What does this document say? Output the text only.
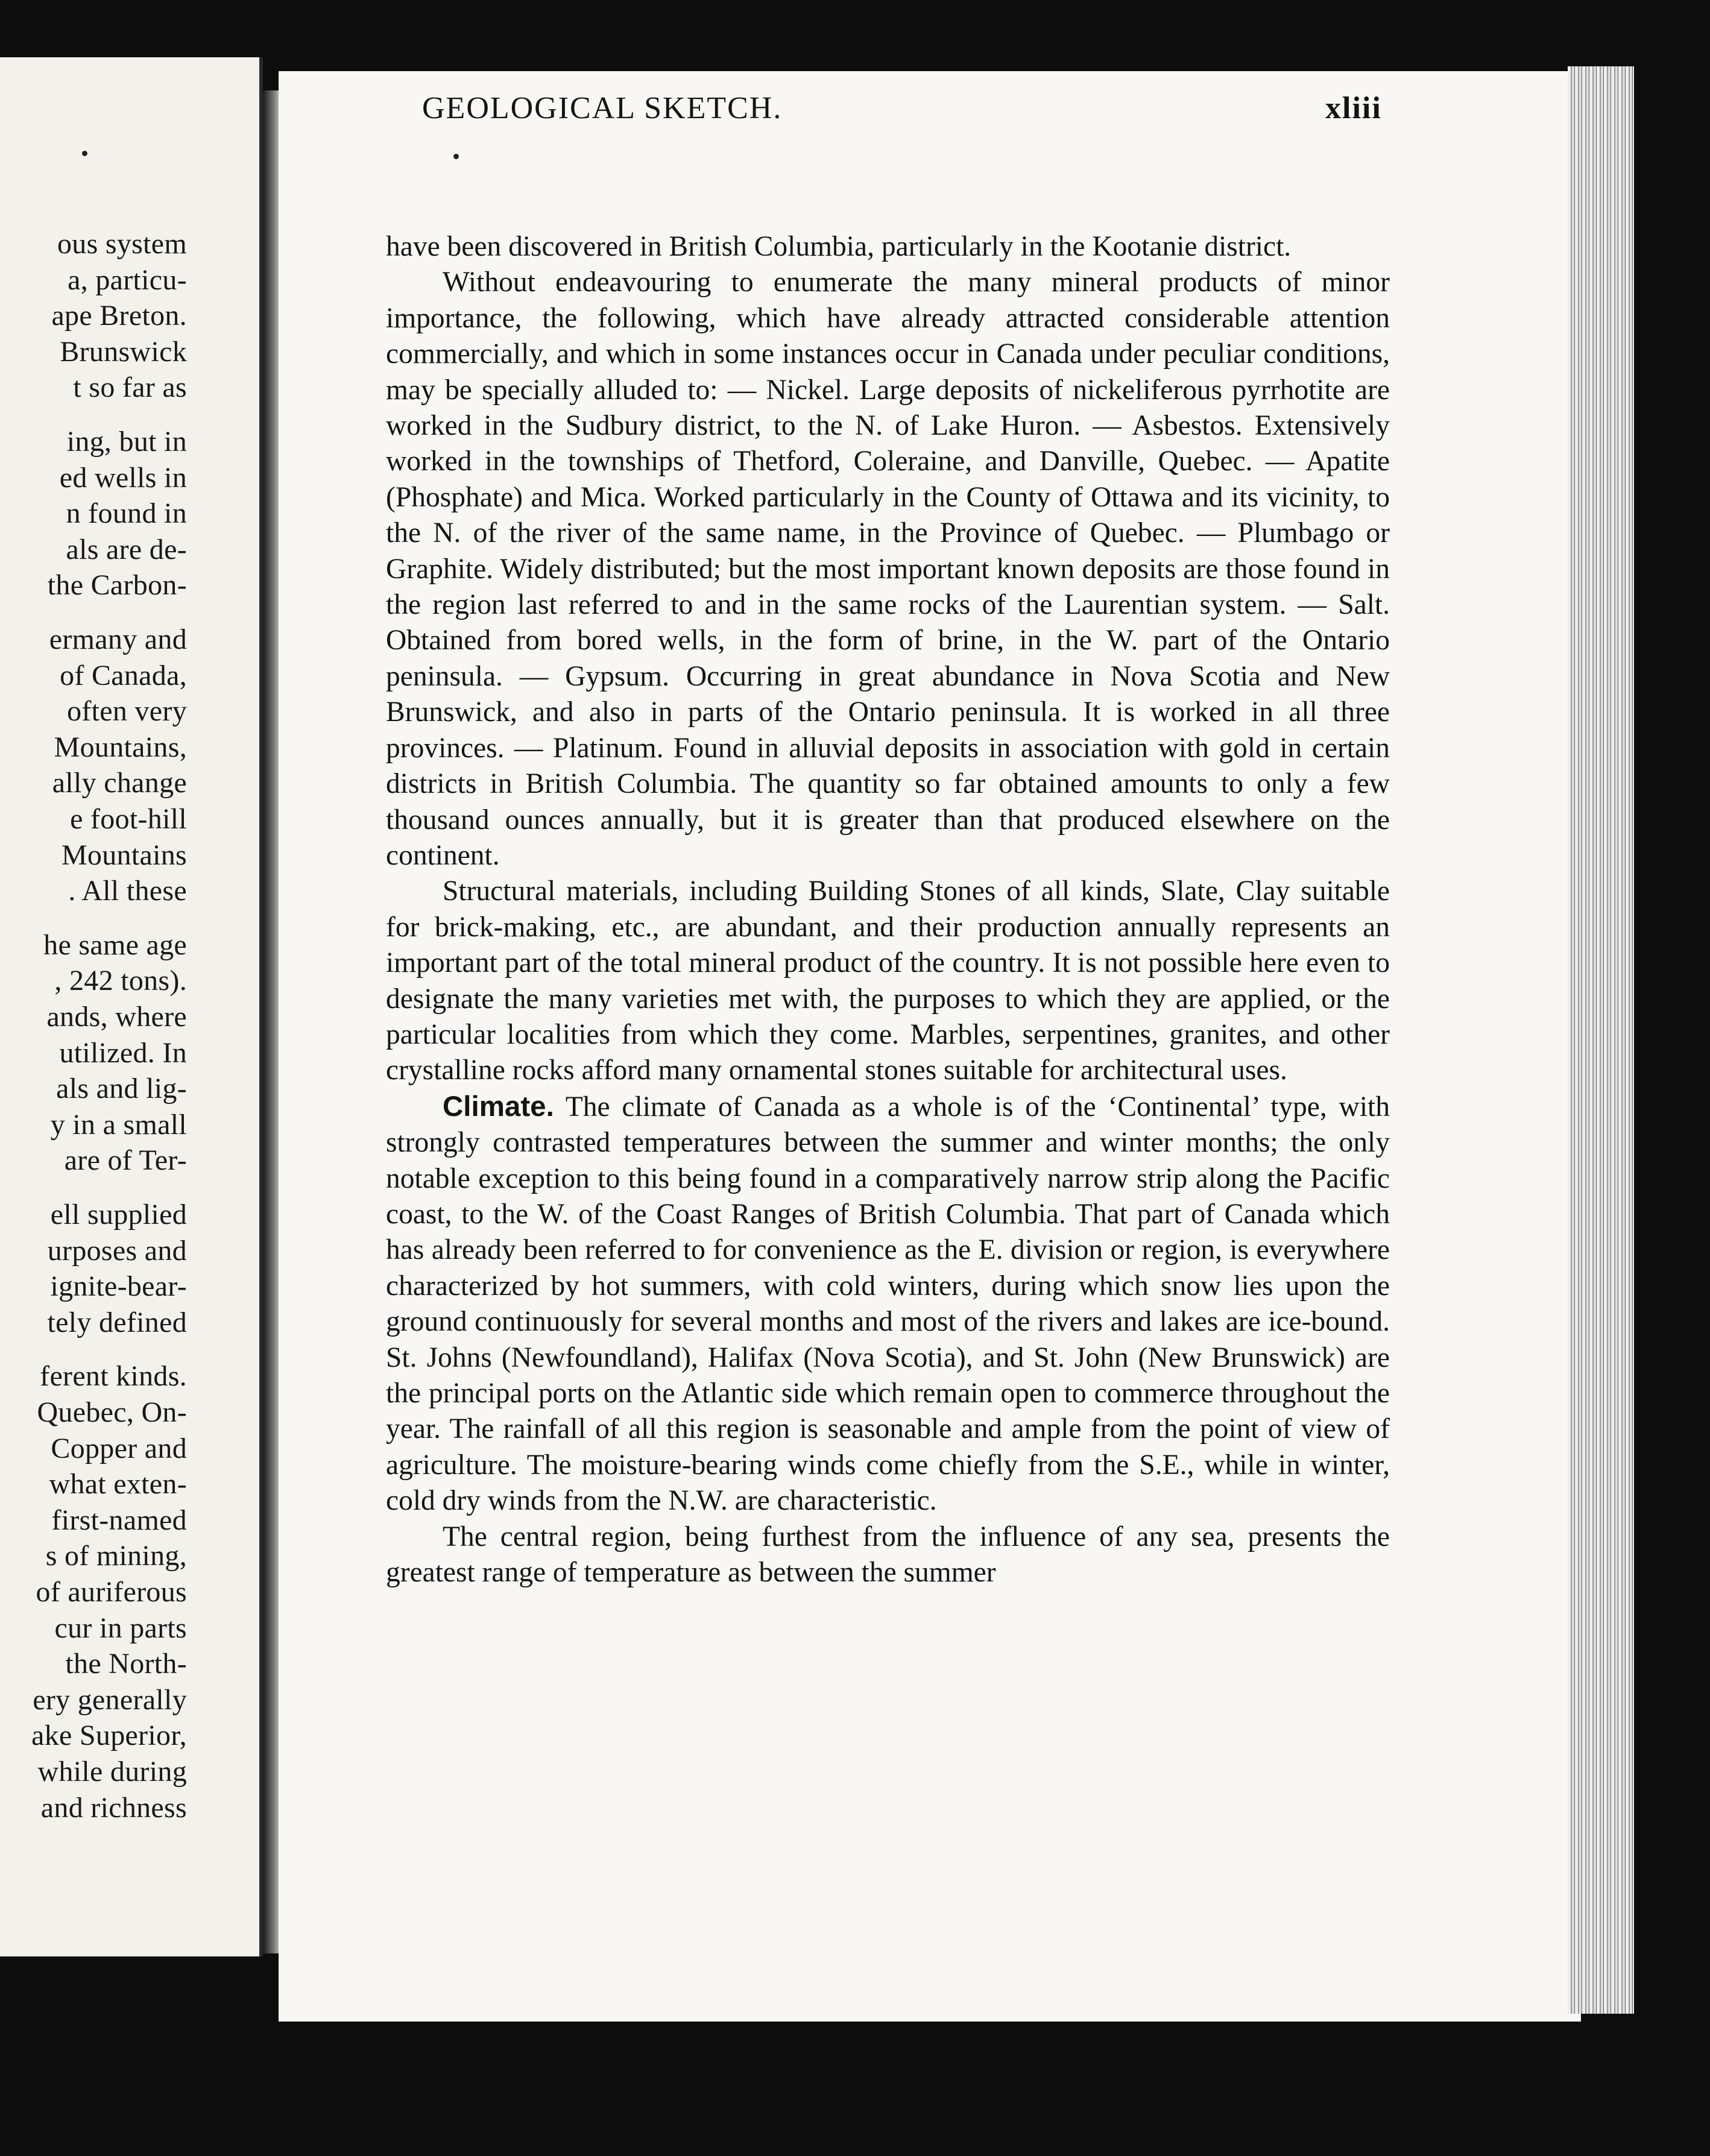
ous system
a, particu-
ape Breton.
Brunswick
t so far as
ing, but in
ed wells in
n found in
als are de-
the Carbon-
ermany and
of Canada,
often very
Mountains,
ally change
e foot-hill
Mountains
. All these
he same age
, 242 tons).
ands, where
utilized. In
als and lig-
y in a small
are of Ter-
ell supplied
urposes and
ignite-bear-
tely defined
ferent kinds.
Quebec, On-
Copper and
what exten-
first-named
s of mining,
of auriferous
cur in parts
the North-
ery generally
ake Superior,
while during
and richness
GEOLOGICAL SKETCH.	xliii

have been discovered in British Columbia, particularly in the Kootanie district.

Without endeavouring to enumerate the many mineral products of minor importance, the following, which have already attracted considerable attention commercially, and which in some instances occur in Canada under peculiar conditions, may be specially alluded to: — Nickel. Large deposits of nickeliferous pyrrhotite are worked in the Sudbury district, to the N. of Lake Huron. — Asbestos. Extensively worked in the townships of Thetford, Coleraine, and Danville, Quebec. — Apatite (Phosphate) and Mica. Worked particularly in the County of Ottawa and its vicinity, to the N. of the river of the same name, in the Province of Quebec. — Plumbago or Graphite. Widely distributed; but the most important known deposits are those found in the region last referred to and in the same rocks of the Laurentian system. — Salt. Obtained from bored wells, in the form of brine, in the W. part of the Ontario peninsula. — Gypsum. Occurring in great abundance in Nova Scotia and New Brunswick, and also in parts of the Ontario peninsula. It is worked in all three provinces. — Platinum. Found in alluvial deposits in association with gold in certain districts in British Columbia. The quantity so far obtained amounts to only a few thousand ounces annually, but it is greater than that produced elsewhere on the continent.

Structural materials, including Building Stones of all kinds, Slate, Clay suitable for brick-making, etc., are abundant, and their production annually represents an important part of the total mineral product of the country. It is not possible here even to designate the many varieties met with, the purposes to which they are applied, or the particular localities from which they come. Marbles, serpentines, granites, and other crystalline rocks afford many ornamental stones suitable for architectural uses.

Climate. The climate of Canada as a whole is of the ‘Continental’ type, with strongly contrasted temperatures between the summer and winter months; the only notable exception to this being found in a comparatively narrow strip along the Pacific coast, to the W. of the Coast Ranges of British Columbia. That part of Canada which has already been referred to for convenience as the E. division or region, is everywhere characterized by hot summers, with cold winters, during which snow lies upon the ground continuously for several months and most of the rivers and lakes are ice-bound. St. Johns (Newfoundland), Halifax (Nova Scotia), and St. John (New Brunswick) are the principal ports on the Atlantic side which remain open to commerce throughout the year. The rainfall of all this region is seasonable and ample from the point of view of agriculture. The moisture-bearing winds come chiefly from the S.E., while in winter, cold dry winds from the N.W. are characteristic.

The central region, being furthest from the influence of any sea, presents the greatest range of temperature as between the summer
